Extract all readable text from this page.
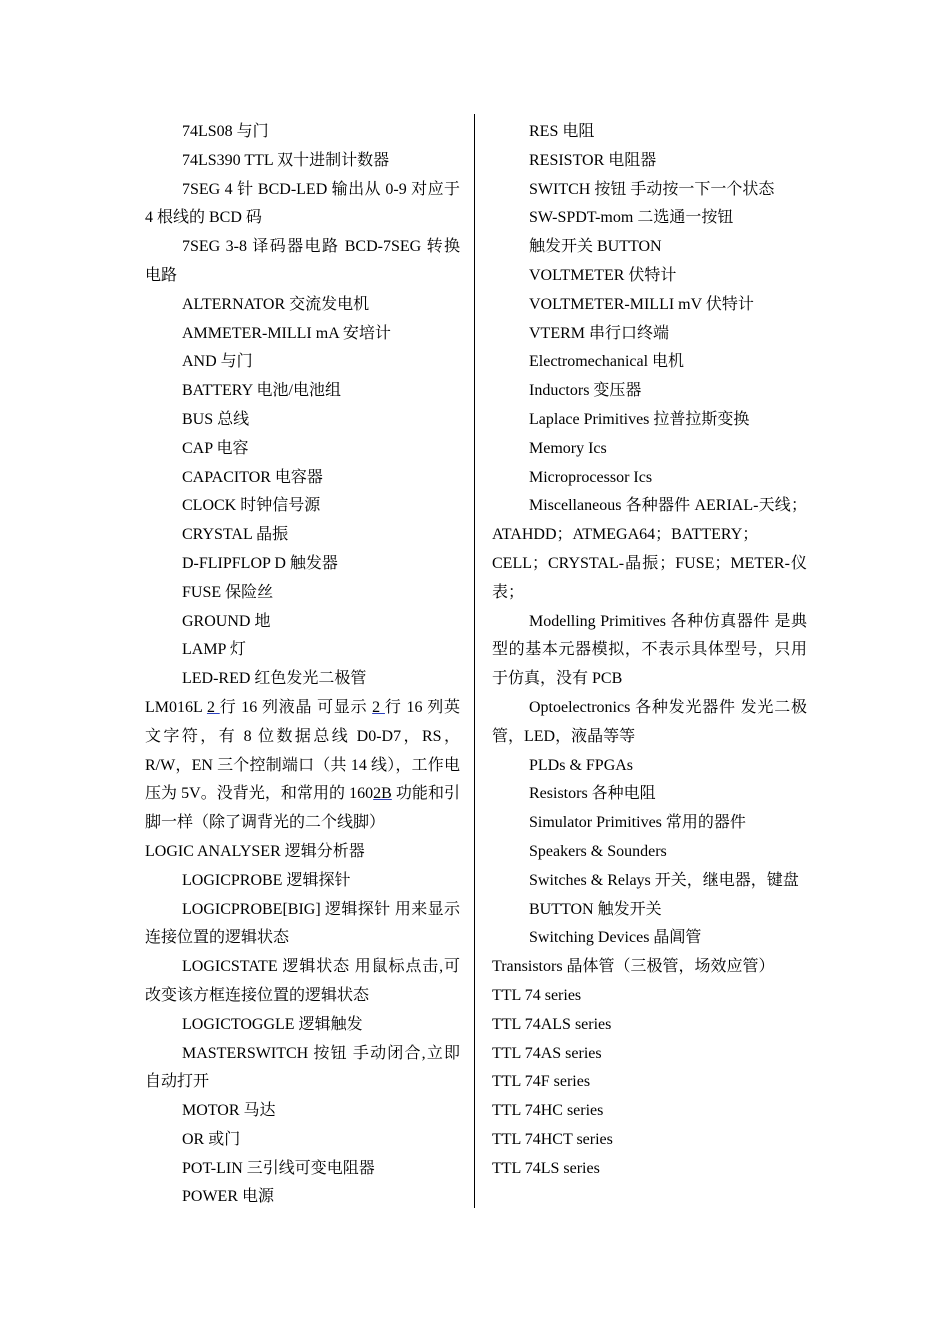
74LS08 与门

74LS390 TTL 双十进制计数器

7SEG 4 针 BCD-LED 输出从 0-9 对应于 4 根线的 BCD 码

7SEG 3-8 译码器电路 BCD-7SEG 转换电路

ALTERNATOR 交流发电机

AMMETER-MILLI mA 安培计

AND 与门

BATTERY 电池/电池组

BUS 总线

CAP 电容

CAPACITOR 电容器

CLOCK 时钟信号源

CRYSTAL 晶振

D-FLIPFLOP D 触发器

FUSE 保险丝

GROUND 地

LAMP 灯

LED-RED 红色发光二极管

LM016L 2 行 16 列液晶 可显示 2 行 16 列英文字符，有 8 位数据总线 D0-D7，RS，R/W，EN 三个控制端口（共 14 线），工作电压为 5V。没背光，和常用的 1602B 功能和引脚一样（除了调背光的二个线脚）

LOGIC ANALYSER 逻辑分析器

LOGICPROBE 逻辑探针

LOGICPROBE[BIG] 逻辑探针 用来显示连接位置的逻辑状态

LOGICSTATE 逻辑状态 用鼠标点击,可改变该方框连接位置的逻辑状态

LOGICTOGGLE 逻辑触发

MASTERSWITCH 按钮 手动闭合,立即自动打开

MOTOR 马达

OR 或门

POT-LIN 三引线可变电阻器

POWER 电源

RES 电阻

RESISTOR 电阻器

SWITCH 按钮 手动按一下一个状态

SW-SPDT-mom 二选通一按钮

触发开关 BUTTON

VOLTMETER 伏特计

VOLTMETER-MILLI mV 伏特计

VTERM 串行口终端

Electromechanical 电机

Inductors 变压器

Laplace Primitives 拉普拉斯变换

Memory Ics

Microprocessor Ics

Miscellaneous 各种器件 AERIAL-天线；ATAHDD；ATMEGA64；BATTERY；CELL；CRYSTAL-晶振；FUSE；METER-仪表；

Modelling Primitives 各种仿真器件 是典型的基本元器模拟，不表示具体型号，只用于仿真，没有 PCB

Optoelectronics 各种发光器件 发光二极管，LED，液晶等等

PLDs & FPGAs

Resistors 各种电阻

Simulator Primitives 常用的器件

Speakers & Sounders

Switches & Relays 开关，继电器，键盘

BUTTON 触发开关

Switching Devices 晶阊管

Transistors 晶体管（三极管，场效应管）

TTL 74 series

TTL 74ALS series

TTL 74AS series

TTL 74F series

TTL 74HC series

TTL 74HCT series

TTL 74LS series
